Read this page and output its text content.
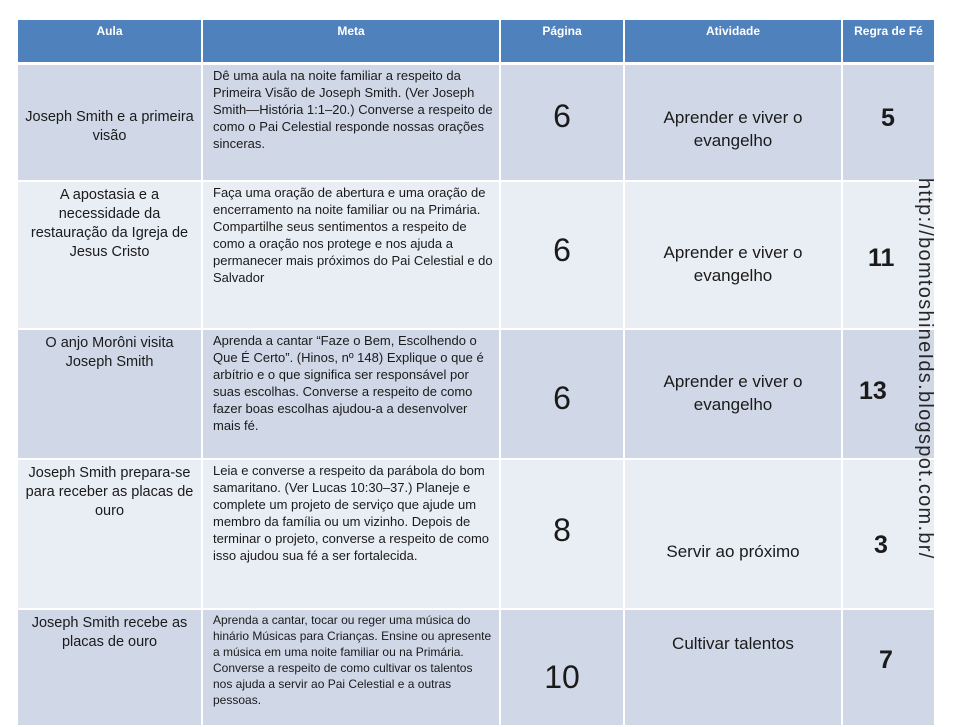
Aula	Meta	Página	Atividade	Regra de Fé
Joseph Smith e a primeira visão	Dê uma aula na noite familiar a respeito da Primeira Visão de Joseph Smith. (Ver Joseph Smith—História 1:1–20.) Converse a respeito de como o Pai Celestial responde nossas orações sinceras.	6	Aprender e viver o evangelho	5

A apostasia e a necessidade da restauração da Igreja de Jesus Cristo	Faça uma oração de abertura e uma oração de encerramento na noite familiar ou na Primária. Compartilhe seus sentimentos a respeito de como a oração nos protege e nos ajuda a permanecer mais próximos do Pai Celestial e do Salvador	6	Aprender e viver o evangelho	11

O anjo Morôni visita Joseph Smith	Aprenda a cantar “Faze o Bem, Escolhendo o Que É Certo”. (Hinos, nº 148) Explique o que é arbítrio e o que significa ser responsável por suas escolhas. Converse a respeito de como fazer boas escolhas ajudou-a a desenvolver mais fé.	6	Aprender e viver o evangelho	13

Joseph Smith prepara-se para receber as placas de ouro	Leia e converse a respeito da parábola do bom samaritano. (Ver Lucas 10:30–37.) Planeje e complete um projeto de serviço que ajude um membro da família ou um vizinho. Depois de terminar o projeto, converse a respeito de como isso ajudou sua fé a ser fortalecida.	8	Servir ao próximo	3

Joseph Smith recebe as placas de ouro	Aprenda a cantar, tocar ou reger uma música do hinário Músicas para Crianças. Ensine ou apresente a música em uma noite familiar ou na Primária. Converse a respeito de como cultivar os talentos nos ajuda a servir ao Pai Celestial e a outras pessoas.	10	Cultivar talentos	7
http://bomtoshineIds.blogspot.com.br/
